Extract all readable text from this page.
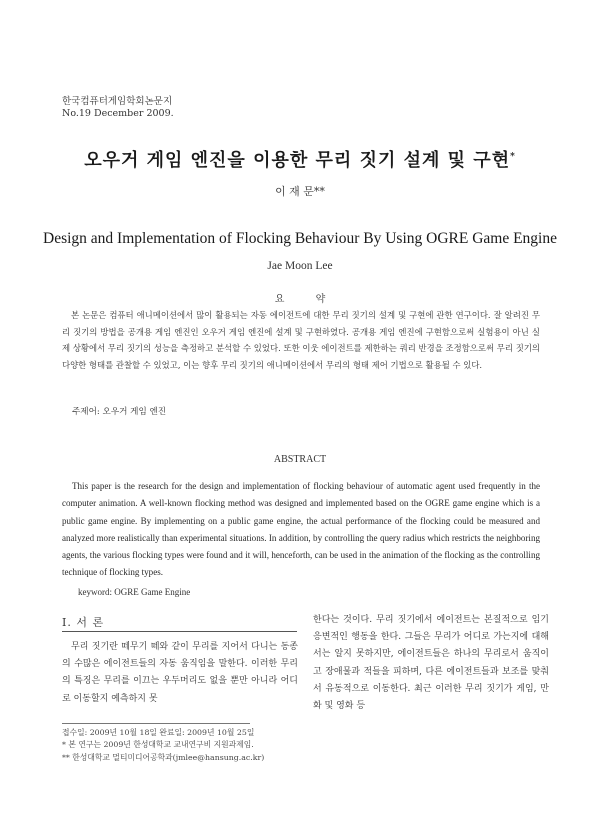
한국컴퓨터게임학회논문지
No.19 December 2009.
오우거 게임 엔진을 이용한 무리 짓기 설계 및 구현*
이 재 문**
Design and Implementation of Flocking Behaviour By Using OGRE Game Engine
Jae Moon Lee
요 약

본 논문은 컴퓨터 애니메이션에서 많이 활용되는 자동 에이전트에 대한 무리 짓기의 설계 및 구현에 관한 연구이다. 잘 알려진 무리 짓기의 방법을 공개용 게임 엔진인 오우거 게임 엔진에 설계 및 구현하였다. 공개용 게임 엔진에 구현함으로써 실험용이 아닌 실제 상황에서 무리 짓기의 성능을 측정하고 분석할 수 있었다. 또한 이웃 에이전트를 제한하는 쿼리 반경을 조정함으로써 무리 짓기의 다양한 형태를 관찰할 수 있었고, 이는 향후 무리 짓기의 애니메이션에서 무리의 형태 제어 기법으로 활용될 수 있다.

주제어: 오우거 게임 엔진
ABSTRACT

This paper is the research for the design and implementation of flocking behaviour of automatic agent used frequently in the computer animation. A well-known flocking method was designed and implemented based on the OGRE game engine which is a public game engine. By implementing on a public game engine, the actual performance of the flocking could be measured and analyzed more realistically than experimental situations. In addition, by controlling the query radius which restricts the neighboring agents, the various flocking types were found and it will, henceforth, can be used in the animation of the flocking as the controlling technique of flocking types.

keyword: OGRE Game Engine
Ⅰ. 서 론

무리 짓기란 떼무기 떼와 같이 무리를 지어서 다니는 동종의 수많은 에이전트들의 자동 움직임을 말한다. 이러한 무리의 특징은 무리를 이끄는 우두머리도 없을 뿐만 아니라 어디로 이동할지 예측하지 못

한다는 것이다. 무리 짓기에서 에이전트는 본질적으로 임기응변적인 행동을 한다. 그들은 무리가 어디로 가는지에 대해서는 알지 못하지만, 에이전트들은 하나의 무리로서 움직이고 장애물과 적들을 피하며, 다른 에이전트들과 보조를 맞춰서 유동적으로 이동한다. 최근 이러한 무리 짓기가 게임, 만화 및 영화 등

접수일: 2009년 10월 18일 완료일: 2009년 10월 25일
* 본 연구는 2009년 한성대학교 교내연구비 지원과제임.
** 한성대학교 멀티미디어공학과(jmlee@hansung.ac.kr)
